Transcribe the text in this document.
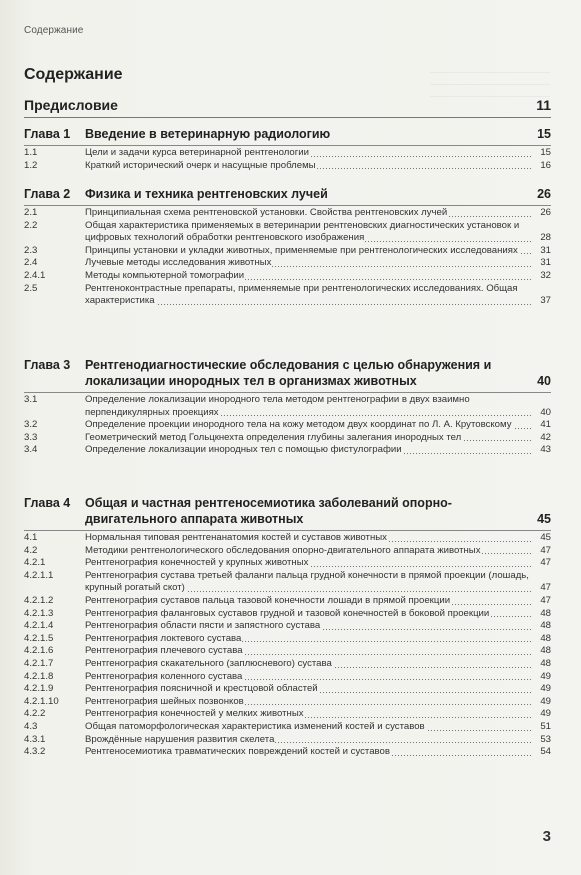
Содержание
Содержание
Предисловие	11
Глава 1 Введение в ветеринарную радиологию	15
1.1	Цели и задачи курса ветеринарной рентгенологии	15
1.2	Краткий исторический очерк и насущные проблемы	16
Глава 2 Физика и техника рентгеновских лучей	26
2.1	Принципиальная схема рентгеновской установки. Свойства рентгеновских лучей	26
2.2	Общая характеристика применяемых в ветеринарии рентгеновских диагностических установок и цифровых технологий обработки рентгеновского изображения	28
2.3	Принципы установки и укладки животных, применяемые при рентгенологических исследованиях	31
2.4	Лучевые методы исследования животных	31
2.4.1	Методы компьютерной томографии	32
2.5	Рентгеноконтрастные препараты, применяемые при рентгенологических исследованиях. Общая характеристика	37
Глава 3 Рентгенодиагностические обследования с целью обнаружения и локализации инородных тел в организмах животных	40
3.1	Определение локализации инородного тела методом рентгенографии в двух взаимно перпендикулярных проекциях	40
3.2	Определение проекции инородного тела на кожу методом двух координат по Л. А. Крутовскому	41
3.3	Геометрический метод Гольцкнехта определения глубины залегания инородных тел	42
3.4	Определение локализации инородных тел с помощью фистулографии	43
Глава 4 Общая и частная рентгеносемиотика заболеваний опорно-двигательного аппарата животных	45
4.1	Нормальная типовая рентгенанатомия костей и суставов животных	45
4.2	Методики рентгенологического обследования опорно-двигательного аппарата животных	47
4.2.1	Рентгенография конечностей у крупных животных	47
4.2.1.1	Рентгенография сустава третьей фаланги пальца грудной конечности в прямой проекции (лошадь, крупный рогатый скот)	47
4.2.1.2	Рентгенография суставов пальца тазовой конечности лошади в прямой проекции	47
4.2.1.3	Рентгенография фаланговых суставов грудной и тазовой конечностей в боковой проекции	48
4.2.1.4	Рентгенография области пясти и запястного сустава	48
4.2.1.5	Рентгенография локтевого сустава	48
4.2.1.6	Рентгенография плечевого сустава	48
4.2.1.7	Рентгенография скакательного (заплюсневого) сустава	48
4.2.1.8	Рентгенография коленного сустава	49
4.2.1.9	Рентгенография поясничной и крестцовой областей	49
4.2.1.10	Рентгенография шейных позвонков	49
4.2.2	Рентгенография конечностей у мелких животных	49
4.3	Общая патоморфологическая характеристика изменений костей и суставов	51
4.3.1	Врождённые нарушения развития скелета	53
4.3.2	Рентгеносемиотика травматических повреждений костей и суставов	54
3
